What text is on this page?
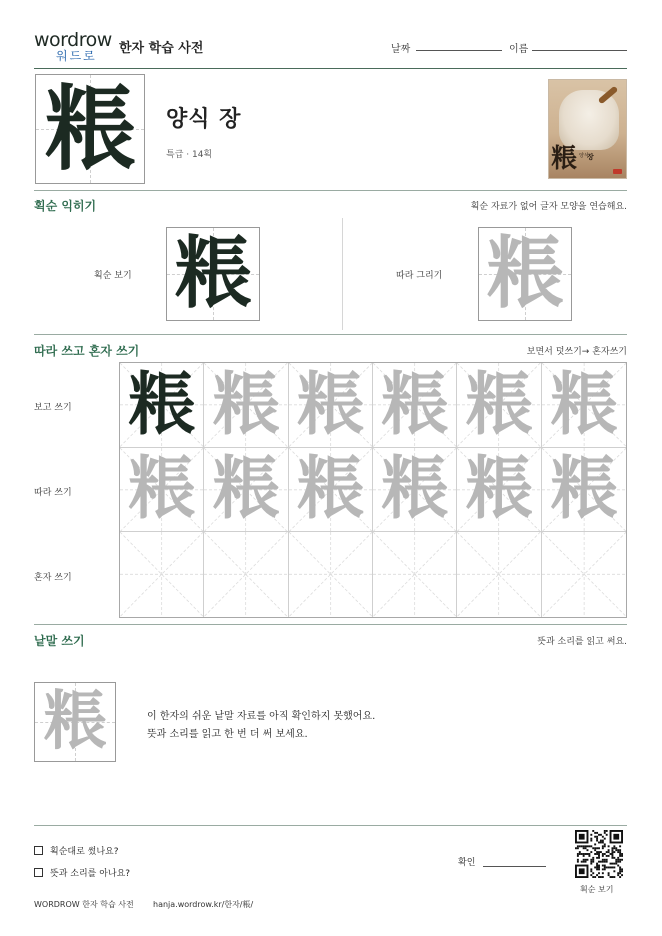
wordrow
워드로	한자 학습 사전	날짜	이름
粻	양식 장
특급 · 14획	粻 양식
장
획순 익히기	획순 자료가 없어 글자 모양을 연습해요.
획순 보기 粻	따라 그리기 粻
따라 쓰고 혼자 쓰기	보면서 덧쓰기→ 혼자쓰기
보고 쓰기
따라 쓰기
혼자 쓰기
粻 粻 粻 粻 粻 粻
粻 粻 粻 粻 粻 粻
낱말 쓰기	뜻과 소리를 읽고 써요.
粻	이 한자의 쉬운 낱말 자료를 아직 확인하지 못했어요.
뜻과 소리를 읽고 한 번 더 써 보세요.
획순대로 썼나요?
뜻과 소리를 아나요?
확인
획순 보기
WORDROW 한자 학습 사전 hanja.wordrow.kr/한자/粻/
